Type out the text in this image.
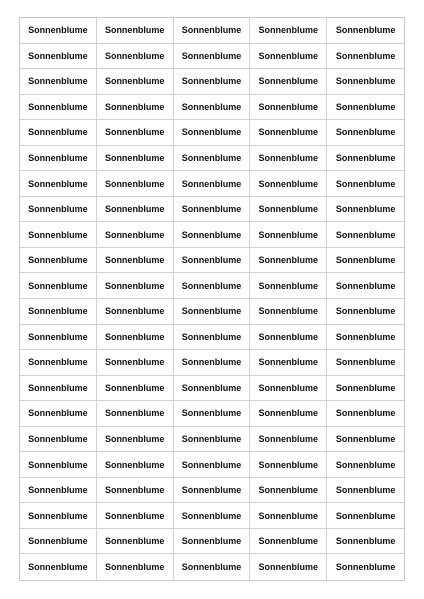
Sonnenblume	Sonnenblume	Sonnenblume	Sonnenblume	Sonnenblume
Sonnenblume	Sonnenblume	Sonnenblume	Sonnenblume	Sonnenblume
Sonnenblume	Sonnenblume	Sonnenblume	Sonnenblume	Sonnenblume
Sonnenblume	Sonnenblume	Sonnenblume	Sonnenblume	Sonnenblume
Sonnenblume	Sonnenblume	Sonnenblume	Sonnenblume	Sonnenblume
Sonnenblume	Sonnenblume	Sonnenblume	Sonnenblume	Sonnenblume
Sonnenblume	Sonnenblume	Sonnenblume	Sonnenblume	Sonnenblume
Sonnenblume	Sonnenblume	Sonnenblume	Sonnenblume	Sonnenblume
Sonnenblume	Sonnenblume	Sonnenblume	Sonnenblume	Sonnenblume
Sonnenblume	Sonnenblume	Sonnenblume	Sonnenblume	Sonnenblume
Sonnenblume	Sonnenblume	Sonnenblume	Sonnenblume	Sonnenblume
Sonnenblume	Sonnenblume	Sonnenblume	Sonnenblume	Sonnenblume
Sonnenblume	Sonnenblume	Sonnenblume	Sonnenblume	Sonnenblume
Sonnenblume	Sonnenblume	Sonnenblume	Sonnenblume	Sonnenblume
Sonnenblume	Sonnenblume	Sonnenblume	Sonnenblume	Sonnenblume
Sonnenblume	Sonnenblume	Sonnenblume	Sonnenblume	Sonnenblume
Sonnenblume	Sonnenblume	Sonnenblume	Sonnenblume	Sonnenblume
Sonnenblume	Sonnenblume	Sonnenblume	Sonnenblume	Sonnenblume
Sonnenblume	Sonnenblume	Sonnenblume	Sonnenblume	Sonnenblume
Sonnenblume	Sonnenblume	Sonnenblume	Sonnenblume	Sonnenblume
Sonnenblume	Sonnenblume	Sonnenblume	Sonnenblume	Sonnenblume
Sonnenblume	Sonnenblume	Sonnenblume	Sonnenblume	Sonnenblume
